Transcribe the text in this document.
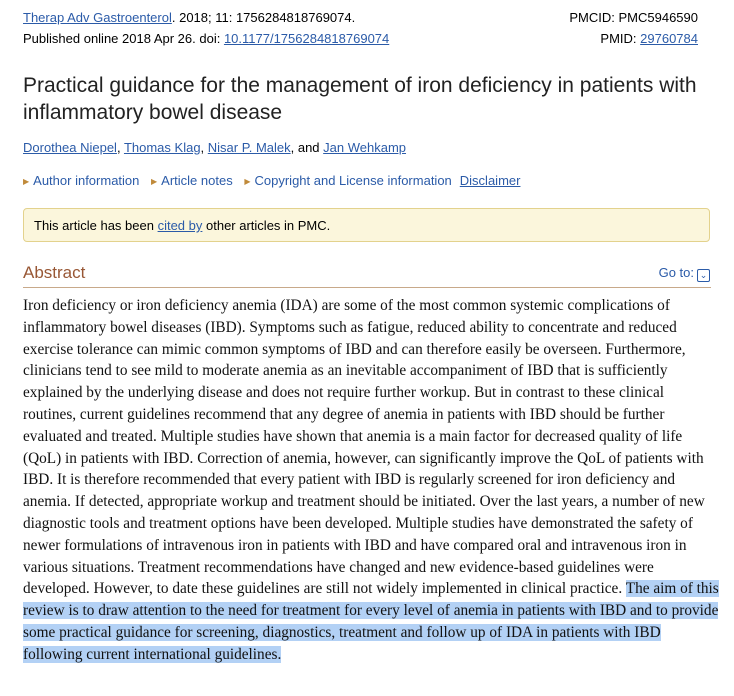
Therap Adv Gastroenterol. 2018; 11: 1756284818769074.
Published online 2018 Apr 26. doi: 10.1177/1756284818769074
PMCID: PMC5946590
PMID: 29760784
Practical guidance for the management of iron deficiency in patients with inflammatory bowel disease
Dorothea Niepel, Thomas Klag, Nisar P. Malek, and Jan Wehkamp
▶ Author information ▶ Article notes ▶ Copyright and License information Disclaimer
This article has been cited by other articles in PMC.
Abstract	Go to: ⌄

Iron deficiency or iron deficiency anemia (IDA) are some of the most common systemic complications of inflammatory bowel diseases (IBD). Symptoms such as fatigue, reduced ability to concentrate and reduced exercise tolerance can mimic common symptoms of IBD and can therefore easily be overseen. Furthermore, clinicians tend to see mild to moderate anemia as an inevitable accompaniment of IBD that is sufficiently explained by the underlying disease and does not require further workup. But in contrast to these clinical routines, current guidelines recommend that any degree of anemia in patients with IBD should be further evaluated and treated. Multiple studies have shown that anemia is a main factor for decreased quality of life (QoL) in patients with IBD. Correction of anemia, however, can significantly improve the QoL of patients with IBD. It is therefore recommended that every patient with IBD is regularly screened for iron deficiency and anemia. If detected, appropriate workup and treatment should be initiated. Over the last years, a number of new diagnostic tools and treatment options have been developed. Multiple studies have demonstrated the safety of newer formulations of intravenous iron in patients with IBD and have compared oral and intravenous iron in various situations. Treatment recommendations have changed and new evidence-based guidelines were developed. However, to date these guidelines are still not widely implemented in clinical practice. The aim of this review is to draw attention to the need for treatment for every level of anemia in patients with IBD and to provide some practical guidance for screening, diagnostics, treatment and follow up of IDA in patients with IBD following current international guidelines.
